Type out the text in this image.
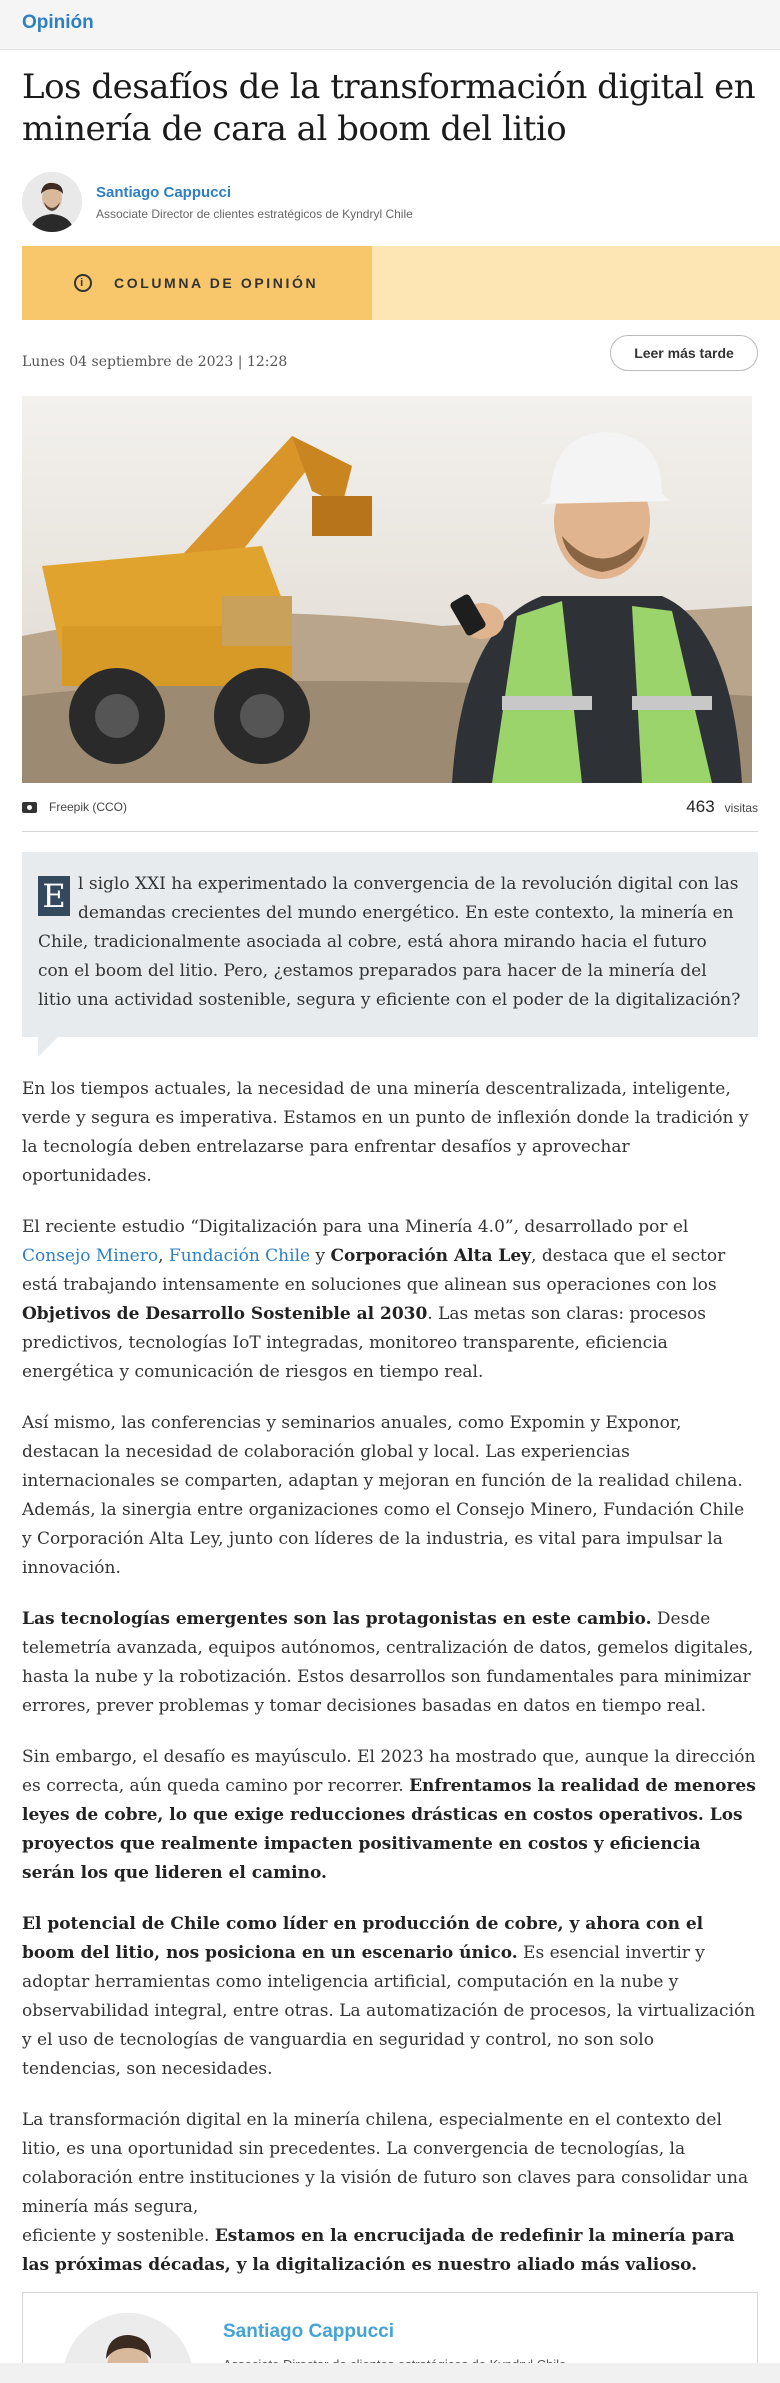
Opinión
Los desafíos de la transformación digital en minería de cara al boom del litio
Santiago Cappucci
Associate Director de clientes estratégicos de Kyndryl Chile
i	COLUMNA DE OPINIÓN
Lunes 04 septiembre de 2023 | 12:28
Leer más tarde
Freepik (CCO)	463 visitas
E l siglo XXI ha experimentado la convergencia de la revolución digital con las demandas crecientes del mundo energético. En este contexto, la minería en Chile, tradicionalmente asociada al cobre, está ahora mirando hacia el futuro con el boom del litio. Pero, ¿estamos preparados para hacer de la minería del litio una actividad sostenible, segura y eficiente con el poder de la digitalización?

En los tiempos actuales, la necesidad de una minería descentralizada, inteligente, verde y segura es imperativa. Estamos en un punto de inflexión donde la tradición y la tecnología deben entrelazarse para enfrentar desafíos y aprovechar oportunidades.

El reciente estudio “Digitalización para una Minería 4.0”, desarrollado por el Consejo Minero, Fundación Chile y Corporación Alta Ley, destaca que el sector está trabajando intensamente en soluciones que alinean sus operaciones con los Objetivos de Desarrollo Sostenible al 2030. Las metas son claras: procesos predictivos, tecnologías IoT integradas, monitoreo transparente, eficiencia energética y comunicación de riesgos en tiempo real.

Así mismo, las conferencias y seminarios anuales, como Expomin y Exponor, destacan la necesidad de colaboración global y local. Las experiencias internacionales se comparten, adaptan y mejoran en función de la realidad chilena. Además, la sinergia entre organizaciones como el Consejo Minero, Fundación Chile y Corporación Alta Ley, junto con líderes de la industria, es vital para impulsar la innovación.

Las tecnologías emergentes son las protagonistas en este cambio. Desde telemetría avanzada, equipos autónomos, centralización de datos, gemelos digitales, hasta la nube y la robotización. Estos desarrollos son fundamentales para minimizar errores, prever problemas y tomar decisiones basadas en datos en tiempo real.

Sin embargo, el desafío es mayúsculo. El 2023 ha mostrado que, aunque la dirección es correcta, aún queda camino por recorrer. Enfrentamos la realidad de menores leyes de cobre, lo que exige reducciones drásticas en costos operativos. Los proyectos que realmente impacten positivamente en costos y eficiencia serán los que lideren el camino.

El potencial de Chile como líder en producción de cobre, y ahora con el boom del litio, nos posiciona en un escenario único. Es esencial invertir y adoptar herramientas como inteligencia artificial, computación en la nube y observabilidad integral, entre otras. La automatización de procesos, la virtualización y el uso de tecnologías de vanguardia en seguridad y control, no son solo tendencias, son necesidades.

La transformación digital en la minería chilena, especialmente en el contexto del litio, es una oportunidad sin precedentes. La convergencia de tecnologías, la colaboración entre instituciones y la visión de futuro son claves para consolidar una minería más segura,
eficiente y sostenible. Estamos en la encrucijada de redefinir la minería para las próximas décadas, y la digitalización es nuestro aliado más valioso.

Santiago Cappucci
